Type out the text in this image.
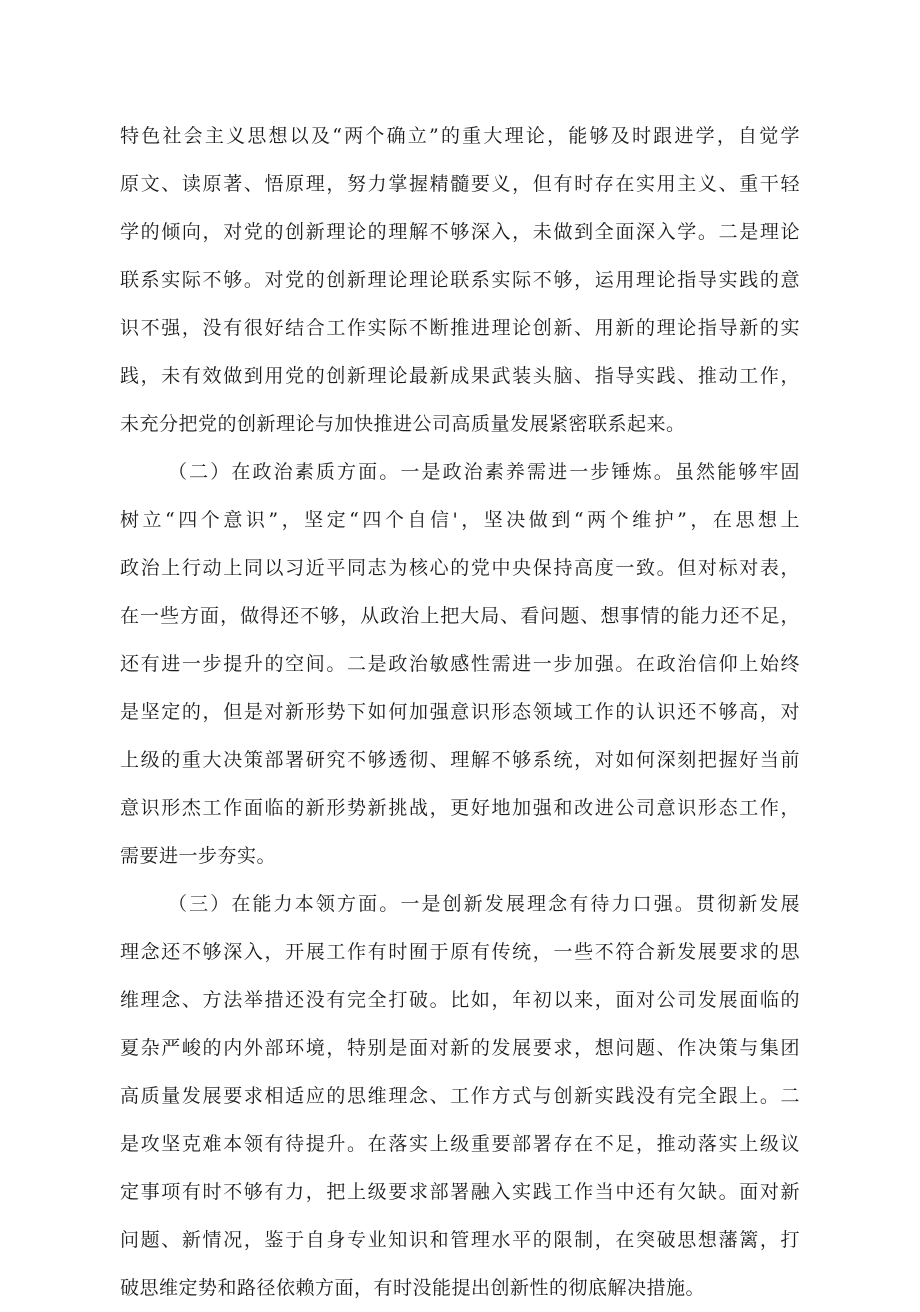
特色社会主义思想以及“两个确立”的重大理论，能够及时跟进学，自觉学
原文、读原著、悟原理，努力掌握精髓要义，但有时存在实用主义、重干轻
学的倾向，对党的创新理论的理解不够深入，未做到全面深入学。二是理论
联系实际不够。对党的创新理论理论联系实际不够，运用理论指导实践的意
识不强，没有很好结合工作实际不断推进理论创新、用新的理论指导新的实
践，未有效做到用党的创新理论最新成果武装头脑、指导实践、推动工作，
未充分把党的创新理论与加快推进公司高质量发展紧密联系起来。
（二）在政治素质方面。一是政治素养需进一步锤炼。虽然能够牢固
树立“四个意识”，坚定“四个自信'，坚决做到“两个维护”，在思想上
政治上行动上同以习近平同志为核心的党中央保持高度一致。但对标对表，
在一些方面，做得还不够，从政治上把大局、看问题、想事情的能力还不足，
还有进一步提升的空间。二是政治敏感性需进一步加强。在政治信仰上始终
是坚定的，但是对新形势下如何加强意识形态领域工作的认识还不够高，对
上级的重大决策部署研究不够透彻、理解不够系统，对如何深刻把握好当前
意识形杰工作面临的新形势新挑战，更好地加强和改进公司意识形态工作，
需要进一步夯实。
（三）在能力本领方面。一是创新发展理念有待力口强。贯彻新发展
理念还不够深入，开展工作有时囿于原有传统，一些不符合新发展要求的思
维理念、方法举措还没有完全打破。比如，年初以来，面对公司发展面临的
夏杂严峻的内外部环境，特别是面对新的发展要求，想问题、作决策与集团
高质量发展要求相适应的思维理念、工作方式与创新实践没有完全跟上。二
是攻坚克难本领有待提升。在落实上级重要部署存在不足，推动落实上级议
定事项有时不够有力，把上级要求部署融入实践工作当中还有欠缺。面对新
问题、新情况，鉴于自身专业知识和管理水平的限制，在突破思想藩篱，打
破思维定势和路径依赖方面，有时没能提出创新性的彻底解决措施。
